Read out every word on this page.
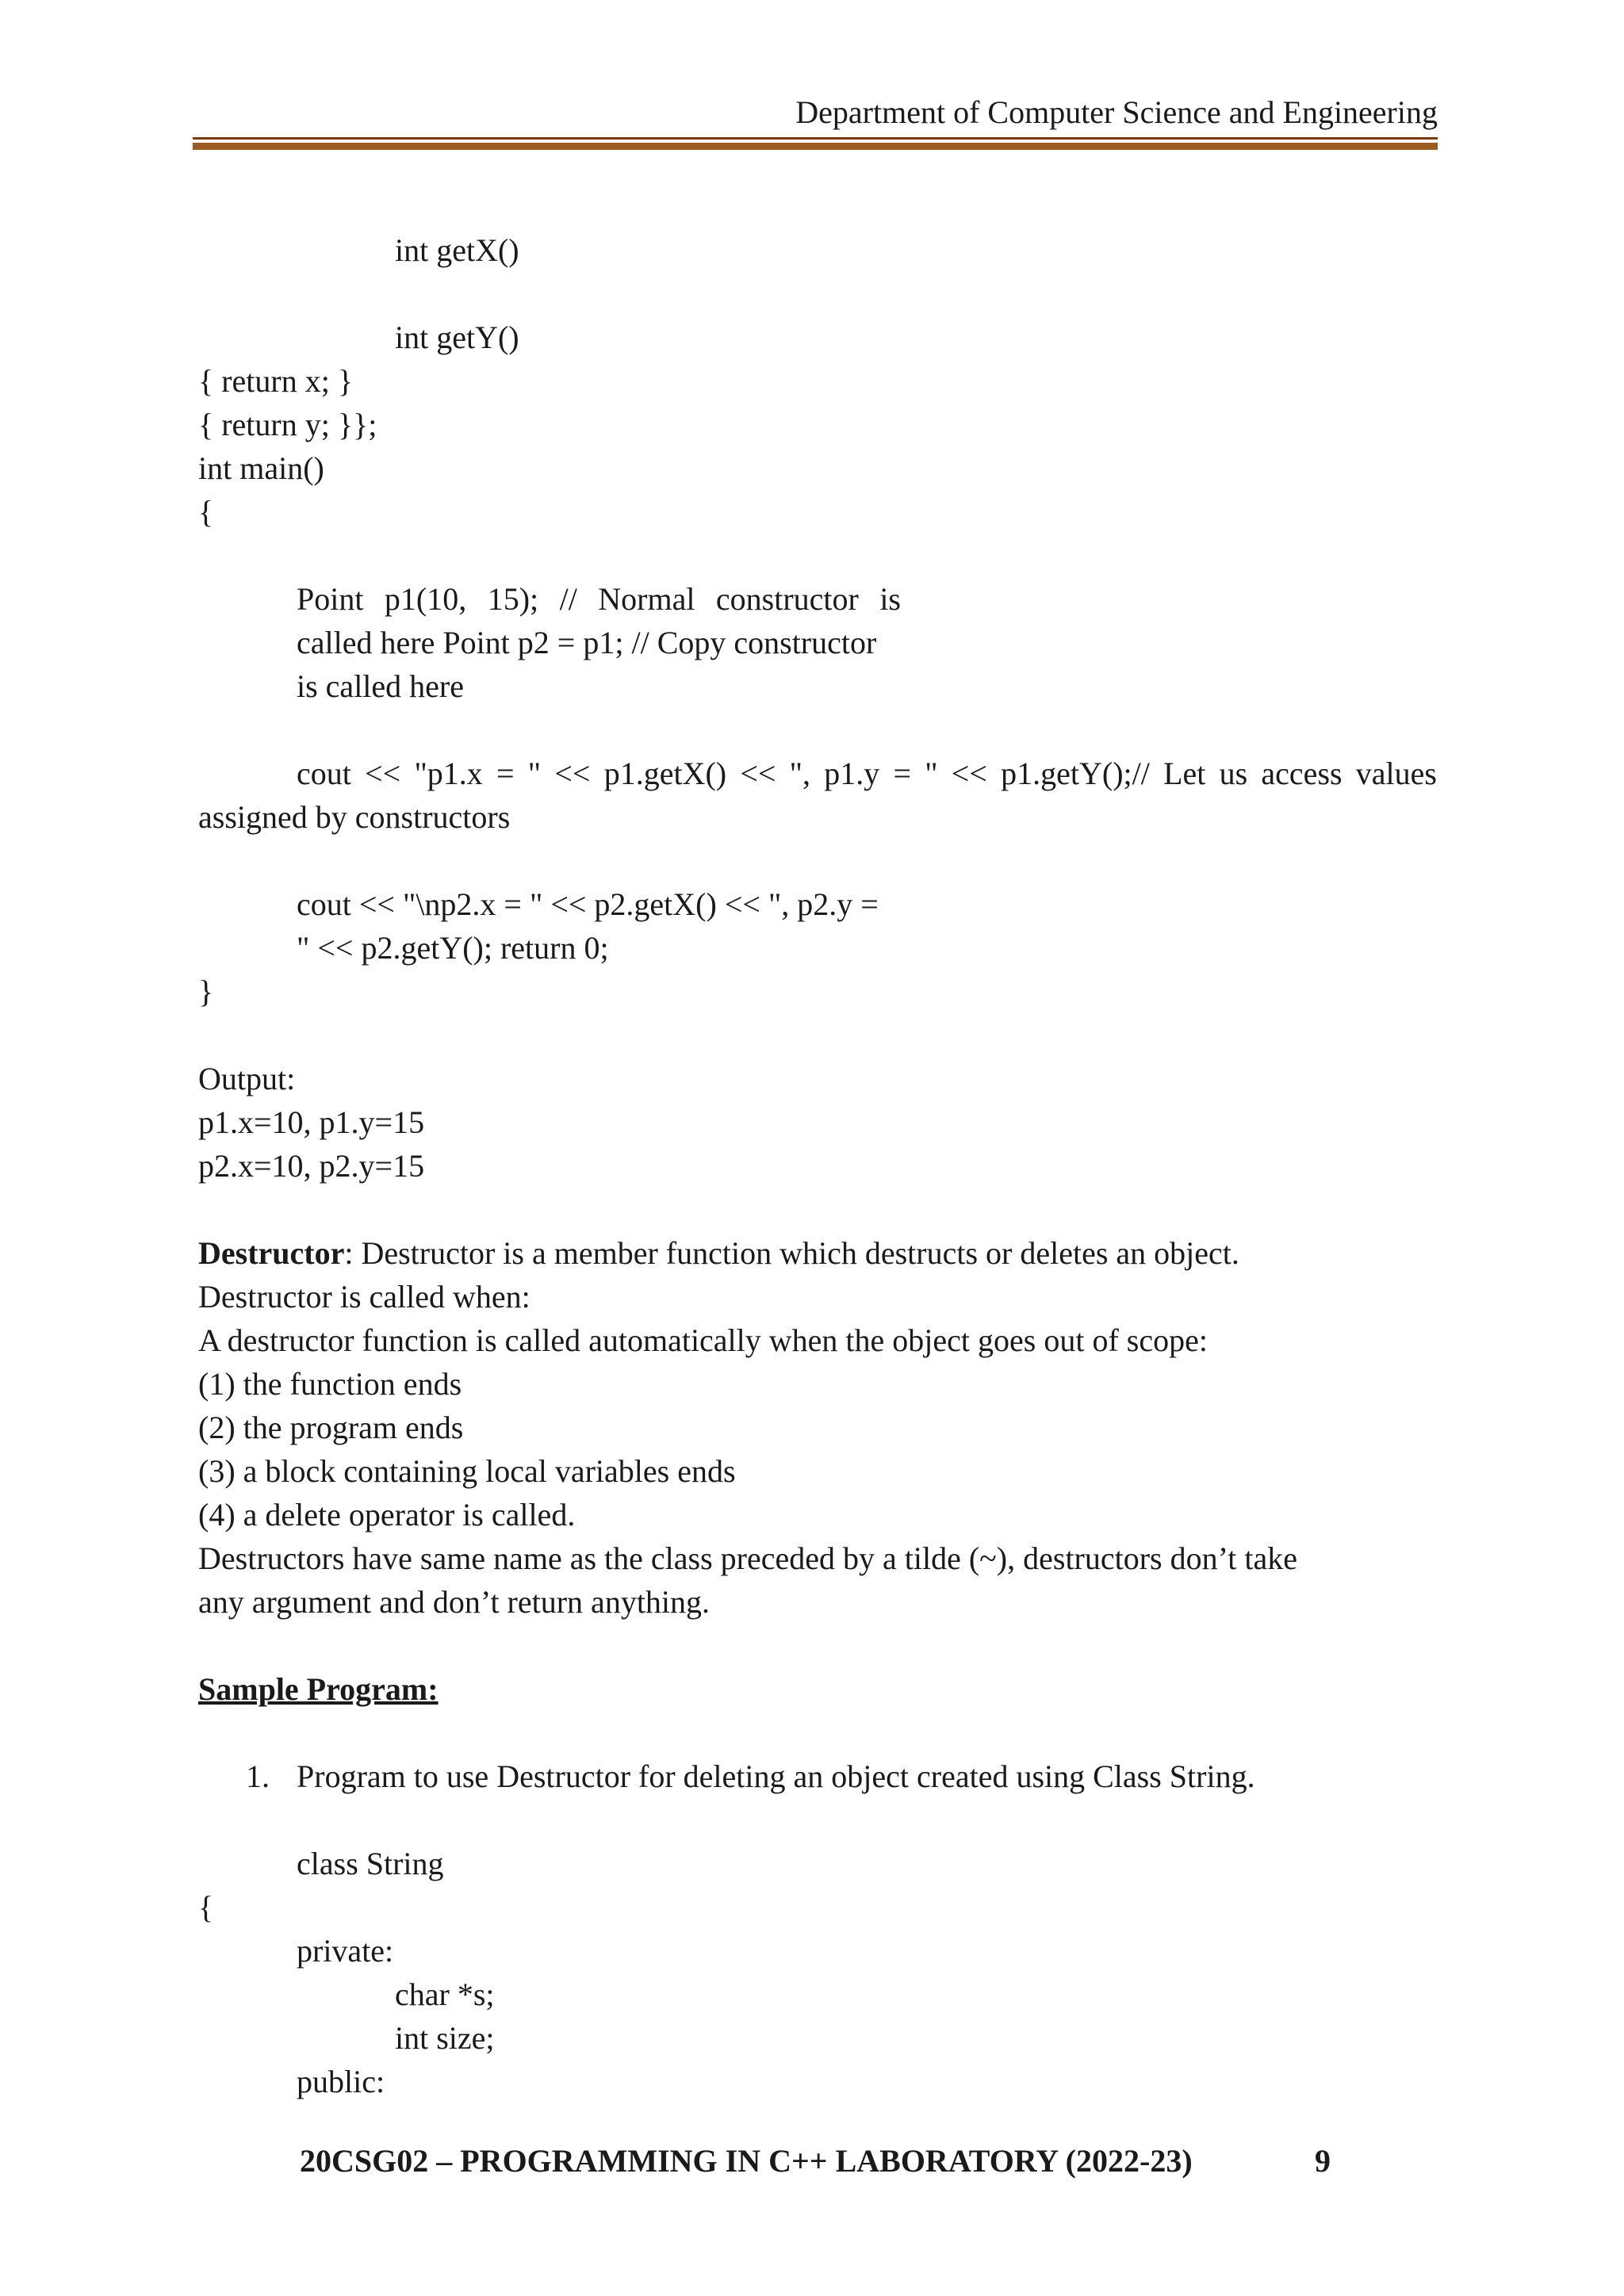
Department of Computer Science and Engineering
int getX()
int getY()
{ return x; }
{ return y; }};
int main()
{
Point p1(10, 15); // Normal constructor is
called here Point p2 = p1; // Copy constructor
is called here
cout << "p1.x = " << p1.getX() << ", p1.y = " << p1.getY();// Let us access values
assigned by constructors
cout << "\np2.x = " << p2.getX() << ", p2.y =
" << p2.getY(); return 0;
}
Output:
p1.x=10, p1.y=15
p2.x=10, p2.y=15
Destructor: Destructor is a member function which destructs or deletes an object.
Destructor is called when:
A destructor function is called automatically when the object goes out of scope:
(1) the function ends
(2) the program ends
(3) a block containing local variables ends
(4) a delete operator is called.
Destructors have same name as the class preceded by a tilde (~), destructors don’t take
any argument and don’t return anything.
Sample Program:
1. Program to use Destructor for deleting an object created using Class String.
class String
{
private:
char *s;
int size;
public:
20CSG02 – PROGRAMMING IN C++ LABORATORY (2022-23)	9
